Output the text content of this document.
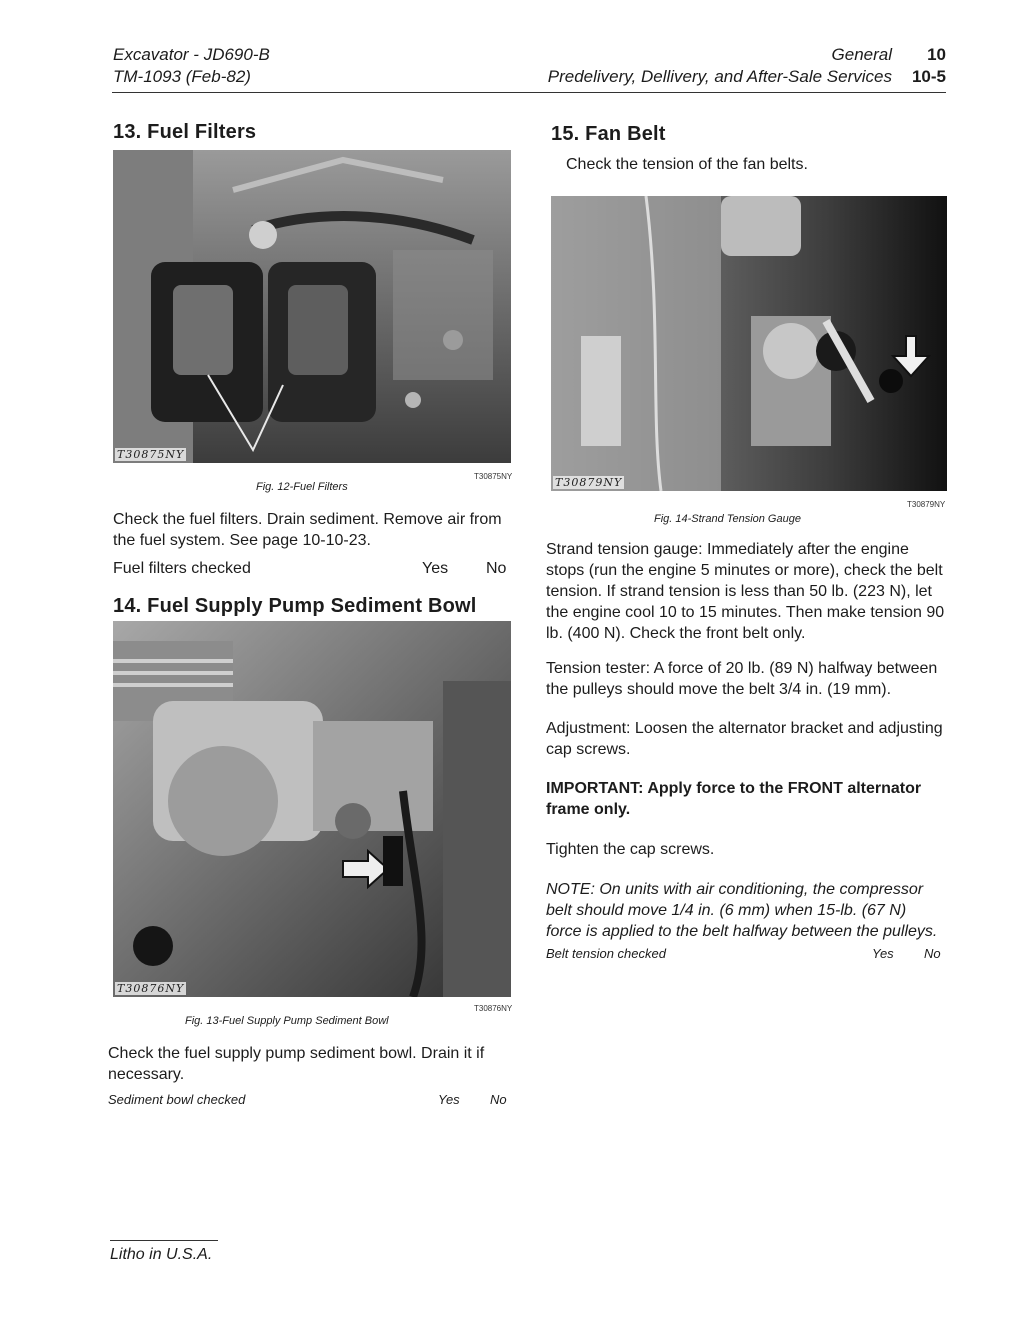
Excavator - JD690-B
TM-1093 (Feb-82)
General 10
Predelivery, Dellivery, and After-Sale Services 10-5
13. Fuel Filters
T30875NY
Fig. 12-Fuel Filters
T30875NY
Check the fuel filters. Drain sediment. Remove air from the fuel system. See page 10-10-23.
Fuel filters checked	Yes No
14. Fuel Supply Pump Sediment Bowl
T30876NY
Fig. 13-Fuel Supply Pump Sediment Bowl
T30876NY
Check the fuel supply pump sediment bowl. Drain it if necessary.
Sediment bowl checked	Yes No
15. Fan Belt
Check the tension of the fan belts.
T30879NY
Fig. 14-Strand Tension Gauge
T30879NY
Strand tension gauge: Immediately after the engine stops (run the engine 5 minutes or more), check the belt tension. If strand tension is less than 50 lb. (223 N), let the engine cool 10 to 15 minutes. Then make tension 90 lb. (400 N). Check the front belt only.
Tension tester: A force of 20 lb. (89 N) halfway between the pulleys should move the belt 3/4 in. (19 mm).
Adjustment: Loosen the alternator bracket and adjusting cap screws.
IMPORTANT: Apply force to the FRONT alternator frame only.
Tighten the cap screws.
NOTE: On units with air conditioning, the compressor belt should move 1/4 in. (6 mm) when 15-lb. (67 N) force is applied to the belt halfway between the pulleys.
Belt tension checked	Yes No
Litho in U.S.A.
